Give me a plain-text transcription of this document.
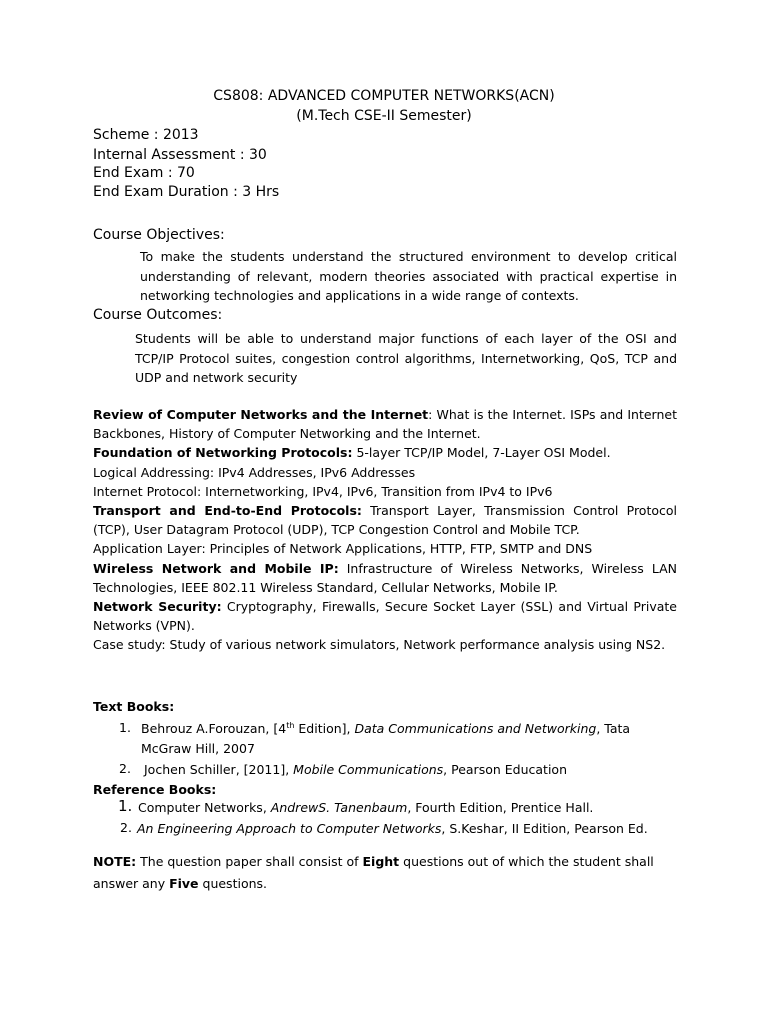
CS808: ADVANCED COMPUTER NETWORKS(ACN)
(M.Tech CSE-II Semester)
Scheme : 2013
Internal Assessment : 30
End Exam : 70
End Exam Duration : 3 Hrs
Course Objectives:
To make the students understand the structured environment to develop critical understanding of relevant, modern theories associated with practical expertise in networking technologies and applications in a wide range of contexts.
Course Outcomes:
Students will be able to understand major functions of each layer of the OSI and TCP/IP Protocol suites, congestion control algorithms, Internetworking, QoS, TCP and UDP and network security

Review of Computer Networks and the Internet: What is the Internet. ISPs and Internet Backbones, History of Computer Networking and the Internet.

Foundation of Networking Protocols: 5-layer TCP/IP Model, 7-Layer OSI Model.

Logical Addressing: IPv4 Addresses, IPv6 Addresses

Internet Protocol: Internetworking, IPv4, IPv6, Transition from IPv4 to IPv6

Transport and End-to-End Protocols: Transport Layer, Transmission Control Protocol (TCP), User Datagram Protocol (UDP), TCP Congestion Control and Mobile TCP.

Application Layer: Principles of Network Applications, HTTP, FTP, SMTP and DNS

Wireless Network and Mobile IP: Infrastructure of Wireless Networks, Wireless LAN Technologies, IEEE 802.11 Wireless Standard, Cellular Networks, Mobile IP.

Network Security: Cryptography, Firewalls, Secure Socket Layer (SSL) and Virtual Private Networks (VPN).

Case study: Study of various network simulators, Network performance analysis using NS2.

Text Books:
1. Behrouz A.Forouzan, [4th Edition], Data Communications and Networking, Tata
McGraw Hill, 2007
2. Jochen Schiller, [2011], Mobile Communications, Pearson Education
Reference Books:
1. Computer Networks, AndrewS. Tanenbaum, Fourth Edition, Prentice Hall.
2. An Engineering Approach to Computer Networks, S.Keshar, II Edition, Pearson Ed.
NOTE: The question paper shall consist of Eight questions out of which the student shall
answer any Five questions.
